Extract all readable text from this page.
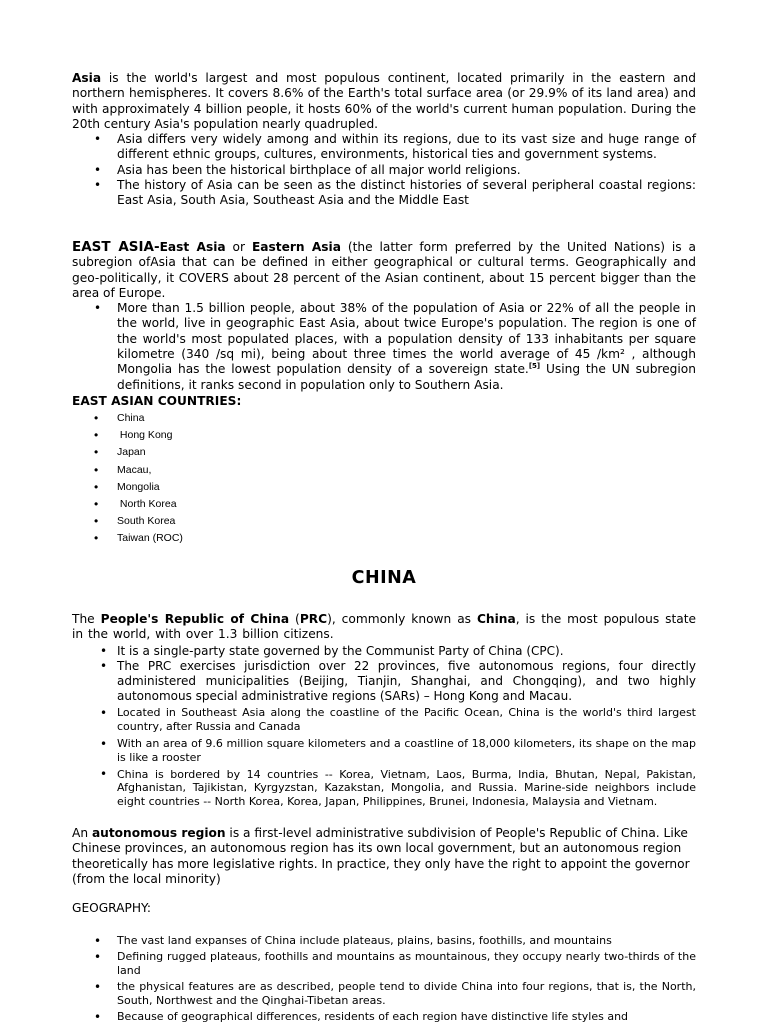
Asia is the world's largest and most populous continent, located primarily in the eastern and northern hemispheres. It covers 8.6% of the Earth's total surface area (or 29.9% of its land area) and with approximately 4 billion people, it hosts 60% of the world's current human population. During the 20th century Asia's population nearly quadrupled.

• Asia differs very widely among and within its regions, due to its vast size and huge range of different ethnic groups, cultures, environments, historical ties and government systems.
• Asia has been the historical birthplace of all major world religions.
• The history of Asia can be seen as the distinct histories of several peripheral coastal regions: East Asia, South Asia, Southeast Asia and the Middle East

EAST ASIA-East Asia or Eastern Asia (the latter form preferred by the United Nations) is a subregion ofAsia that can be defined in either geographical or cultural terms. Geographically and geo-politically, it COVERS about 28 percent of the Asian continent, about 15 percent bigger than the area of Europe.

• More than 1.5 billion people, about 38% of the population of Asia or 22% of all the people in the world, live in geographic East Asia, about twice Europe's population. The region is one of the world's most populated places, with a population density of 133 inhabitants per square kilometre (340 /sq mi), being about three times the world average of 45 /km² , although Mongolia has the lowest population density of a sovereign state.[5] Using the UN subregion definitions, it ranks second in population only to Southern Asia.

EAST ASIAN COUNTRIES:

• China
•  Hong Kong
• Japan
• Macau,
• Mongolia
•  North Korea
• South Korea
• Taiwan (ROC)
CHINA

The People's Republic of China (PRC), commonly known as China, is the most populous state in the world, with over 1.3 billion citizens.

• It is a single-party state governed by the Communist Party of China (CPC).
• The PRC exercises jurisdiction over 22 provinces, five autonomous regions, four directly administered municipalities (Beijing, Tianjin, Shanghai, and Chongqing), and two highly autonomous special administrative regions (SARs) – Hong Kong and Macau.
• Located in Southeast Asia along the coastline of the Pacific Ocean, China is the world's third largest country, after Russia and Canada
• With an area of 9.6 million square kilometers and a coastline of 18,000 kilometers, its shape on the map is like a rooster
• China is bordered by 14 countries -- Korea, Vietnam, Laos, Burma, India, Bhutan, Nepal, Pakistan, Afghanistan, Tajikistan, Kyrgyzstan, Kazakstan, Mongolia, and Russia. Marine-side neighbors include eight countries -- North Korea, Korea, Japan, Philippines, Brunei, Indonesia, Malaysia and Vietnam.

An autonomous region is a first-level administrative subdivision of People's Republic of China. Like Chinese provinces, an autonomous region has its own local government, but an autonomous region theoretically has more legislative rights. In practice, they only have the right to appoint the governor (from the local minority)

GEOGRAPHY:

• The vast land expanses of China include plateaus, plains, basins, foothills, and mountains
• Defining rugged plateaus, foothills and mountains as mountainous, they occupy nearly two-thirds of the land
• the physical features are as described, people tend to divide China into four regions, that is, the North, South, Northwest and the Qinghai-Tibetan areas.
• Because of geographical differences, residents of each region have distinctive life styles and
